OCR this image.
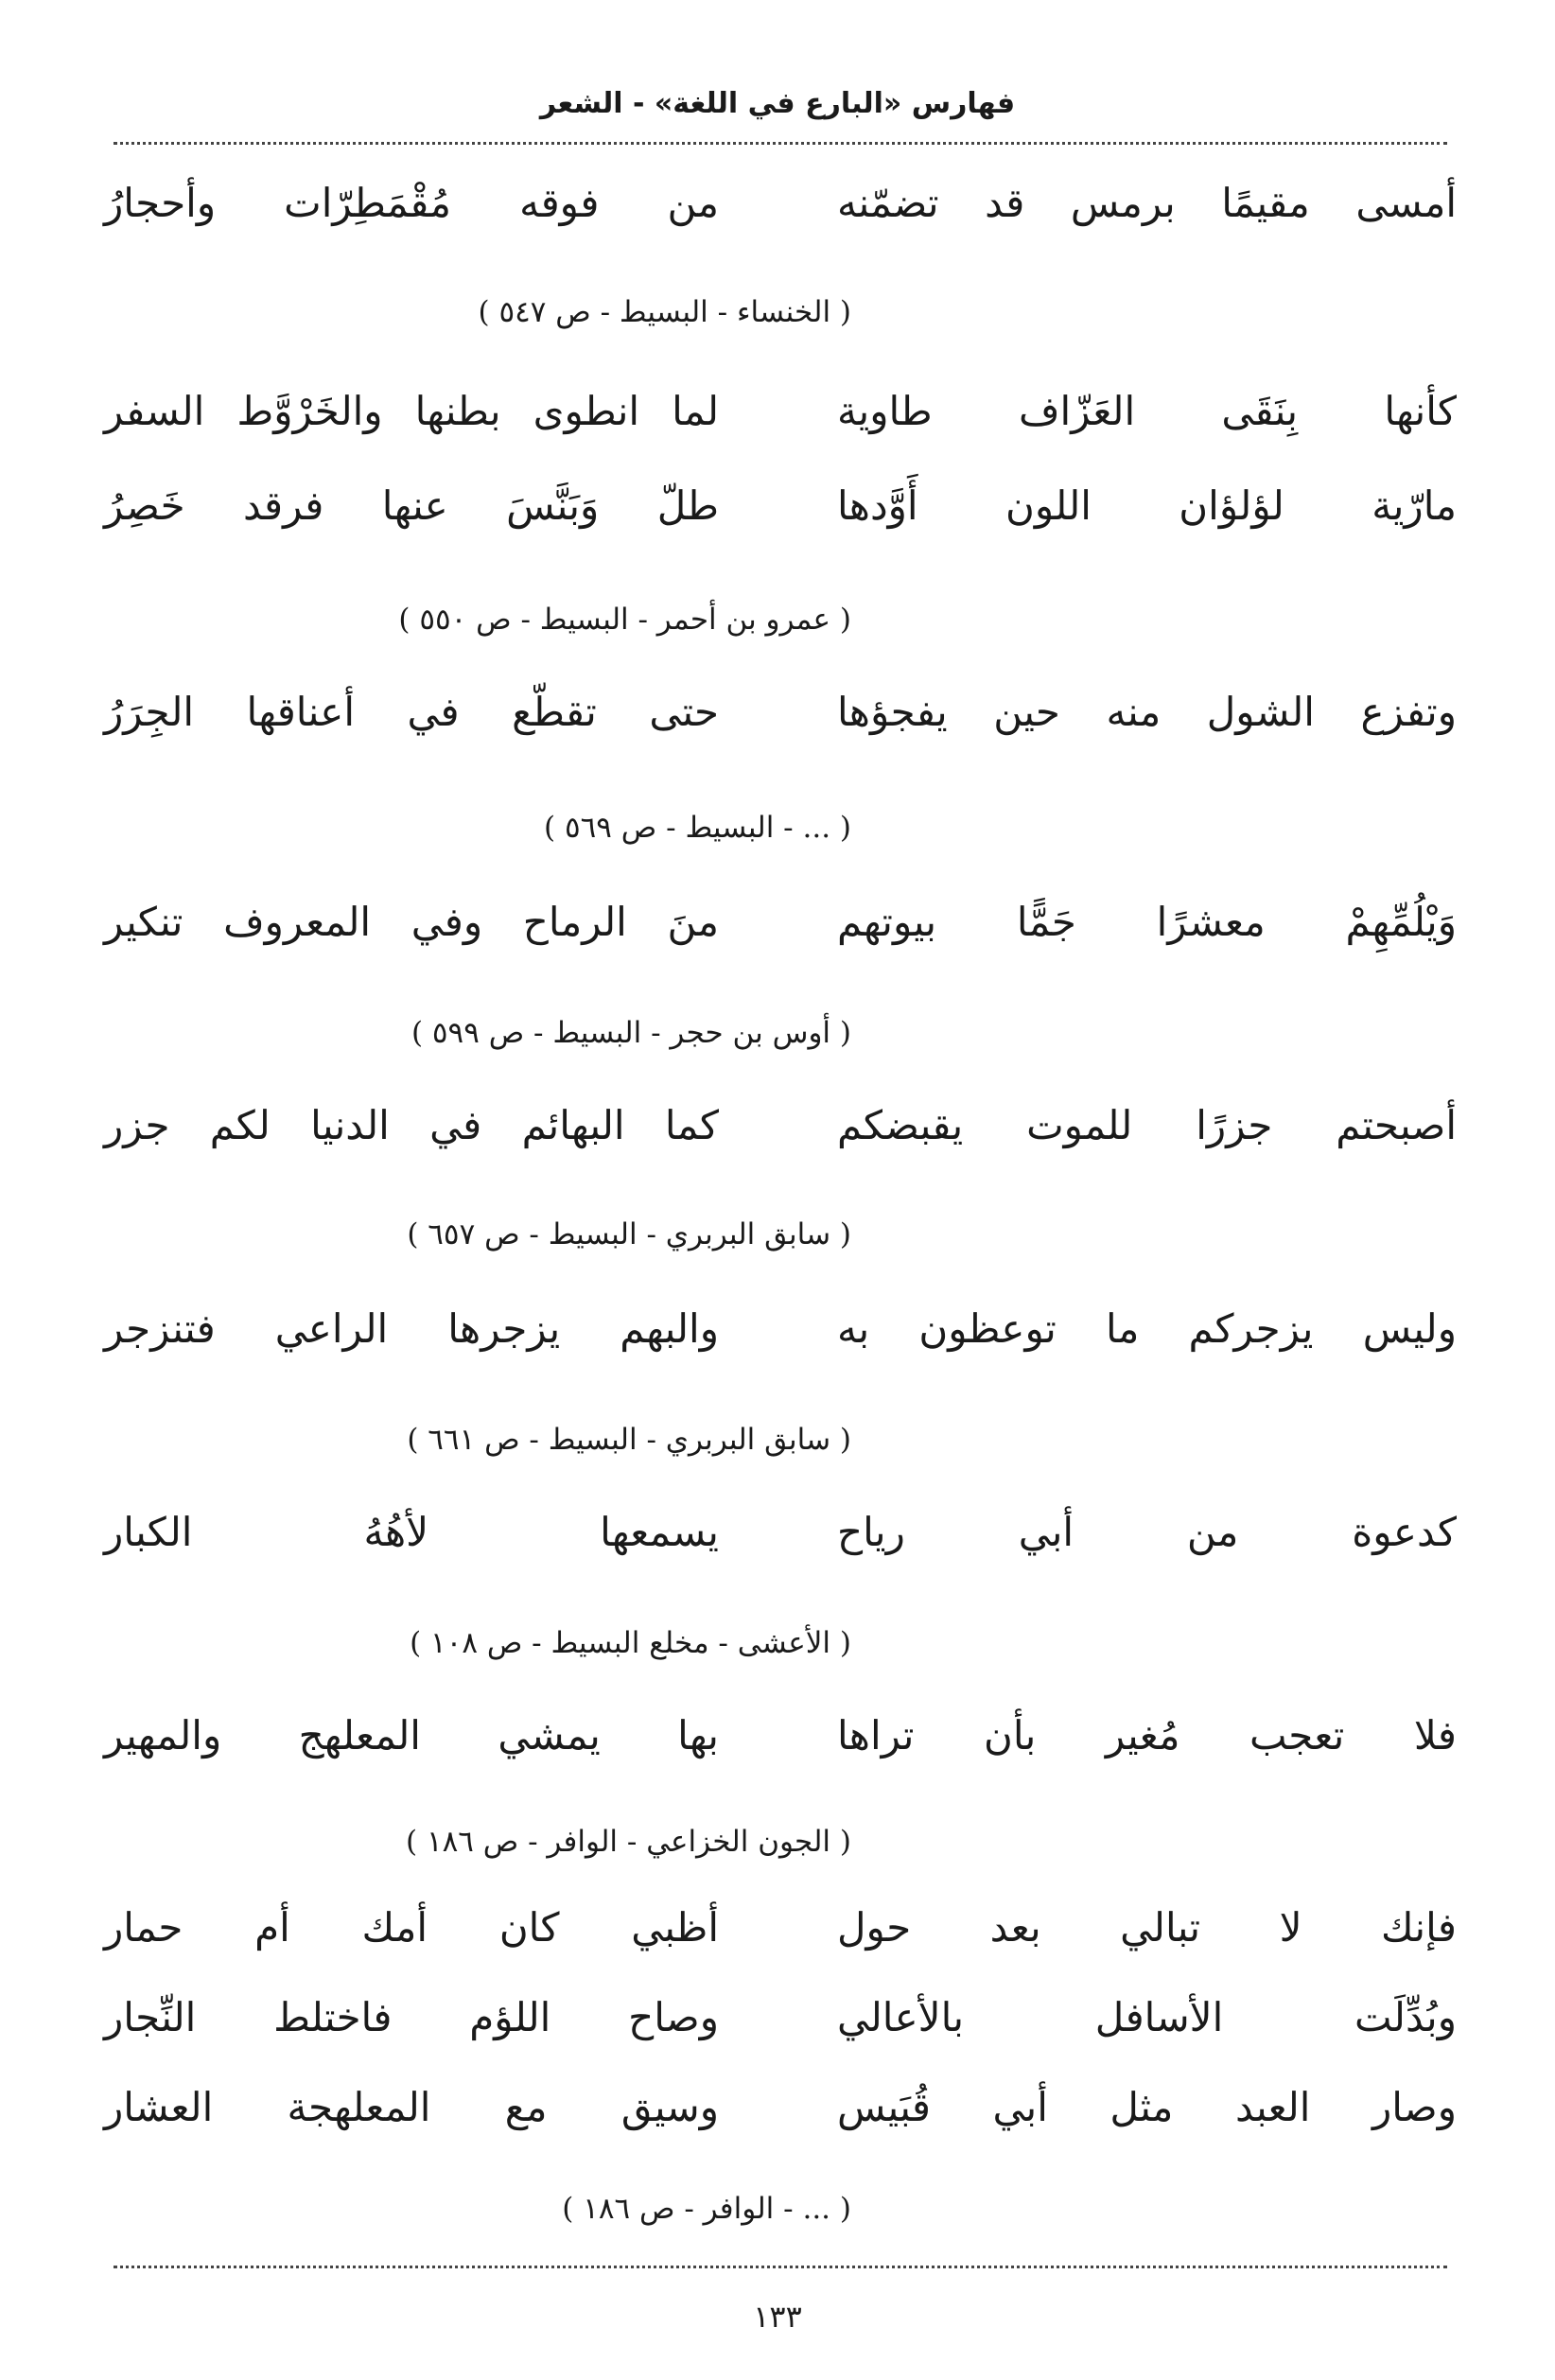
فهارس «البارع في اللغة» - الشعر
أمسى مقيمًا برمس قد تضمّنه
من فوقه مُقْمَطِرّات وأحجارُ
( الخنساء - البسيط - ص ٥٤٧ )
كأنها بِنَقَى العَزّاف طاوية
لما انطوى بطنها والخَرْوَّط السفر
مارّية لؤلؤان اللون أَوَّدها
طلّ وَبَنَّسَ عنها فرقد خَصِرُ
( عمرو بن أحمر - البسيط - ص ٥٥٠ )
وتفزع الشول منه حين يفجؤها
حتى تقطّع في أعناقها الجِرَرُ
( ... - البسيط - ص ٥٦٩ )
وَيْلُمِّهِمْ معشرًا جَمًّا بيوتهم
منَ الرماح وفي المعروف تنكير
( أوس بن حجر - البسيط - ص ٥٩٩ )
أصبحتم جزرًا للموت يقبضكم
كما البهائم في الدنيا لكم جزر
( سابق البربري - البسيط - ص ٦٥٧ )
وليس يزجركم ما توعظون به
والبهم يزجرها الراعي فتنزجر
( سابق البربري - البسيط - ص ٦٦١ )
كدعوة من أبي رياح
يسمعها لأهُهُ الكبار
( الأعشى - مخلع البسيط - ص ١٠٨ )
فلا تعجب مُغير بأن تراها
بها يمشي المعلهج والمهير
( الجون الخزاعي - الوافر - ص ١٨٦ )
فإنك لا تبالي بعد حول
أظبي كان أمك أم حمار
وبُدِّلَت الأسافل بالأعالي
وصاح اللؤم فاختلط النِّجار
وصار العبد مثل أبي قُبَيس
وسيق مع المعلهجة العشار
( ... - الوافر - ص ١٨٦ )
١٣٣
